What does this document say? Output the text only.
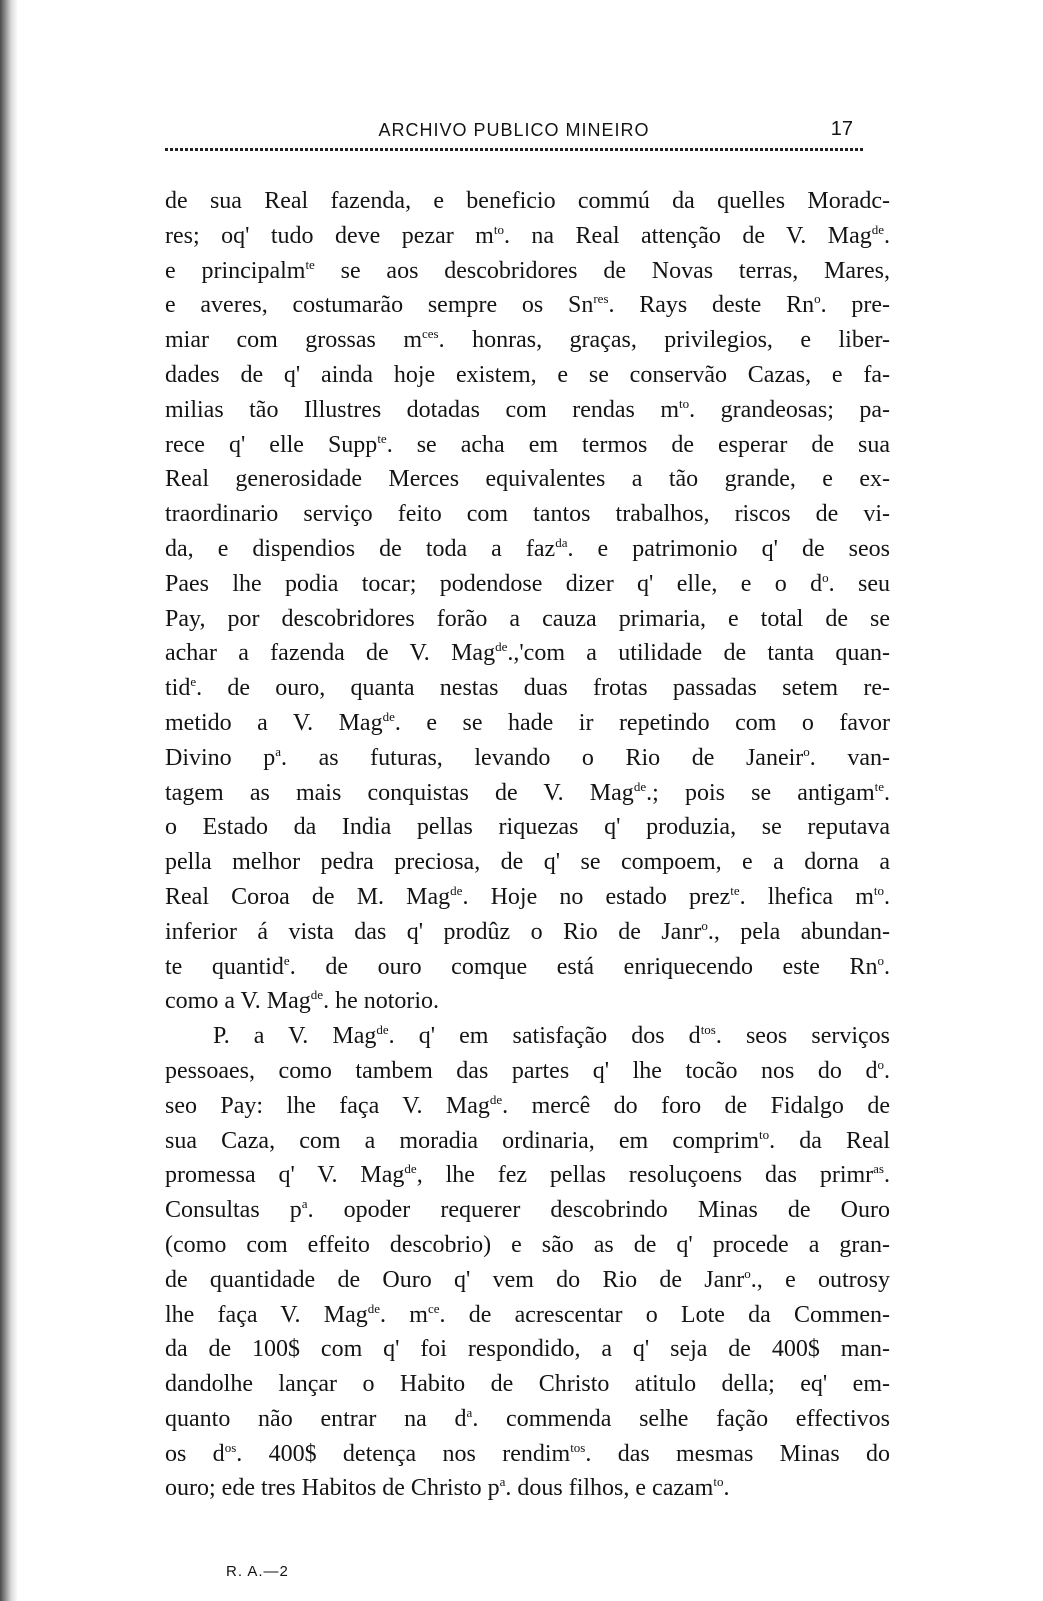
ARCHIVO PUBLICO MINEIRO	17
de sua Real fazenda, e beneficio commú da quelles Moradc-
res; oq' tudo deve pezar $m^{to}$. na Real attenção de V. Mag$^{de}$.
e principalm$^{te}$ se aos descobridores de Novas terras, Mares,
e averes, costumarão sempre os $Sn^{res}$. Rays deste Rn$^o$. pre-
miar com grossas $m^{ces}$. honras, graças, privilegios, e liber-
dades de q' ainda hoje existem, e se conservão Cazas, e fa-
milias tão Illustres dotadas com rendas $m^{to}$. grandeosas; pa-
rece q' elle Supp$^{te}$. se acha em termos de esperar de sua
Real generosidade Merces equivalentes a tão grande, e ex-
traordinario serviço feito com tantos trabalhos, riscos de vi-
da, e dispendios de toda a faz$^{da}$. e patrimonio q' de seos
Paes lhe podia tocar; podendose dizer q' elle, e o $d^o$. seu
Pay, por descobridores forão a cauza primaria, e total de se
achar a fazenda de V. Mag$^{de}$.,'com a utilidade de tanta quan-
tid$^e$. de ouro, quanta nestas duas frotas passadas setem re-
metido a V. Mag$^{de}$. e se hade ir repetindo com o favor
Divino $p^a$. as futuras, levando o Rio de Janeir$^o$. van-
tagem as mais conquistas de V. Mag$^{de}$.; pois se antigam$^{te}$.
o Estado da India pellas riquezas q' produzia, se reputava
pella melhor pedra preciosa, de q' se compoem, e a dorna a
Real Coroa de M. Mag$^{de}$. Hoje no estado prez$^{te}$. lhefica $m^{to}$.
inferior á vista das q' prodûz o Rio de Janr$^o$., pela abundan-
te quantid$^e$. de ouro comque está enriquecendo este Rn$^o$.
como a V. Mag$^{de}$. he notorio.
P. a V. Mag$^{de}$. q' em satisfação dos $d^{tos}$. seos serviços
pessoaes, como tambem das partes q' lhe tocão nos do $d^o$.
seo Pay: lhe faça V. Mag$^{de}$. mercê do foro de Fidalgo de
sua Caza, com a moradia ordinaria, em comprim$^{to}$. da Real
promessa q' V. Mag$^{de}$, lhe fez pellas resoluçoens das primr$^{as}$.
Consultas $p^a$. opoder requerer descobrindo Minas de Ouro
(como com effeito descobrio) e são as de q' procede a gran-
de quantidade de Ouro q' vem do Rio de Janr$^o$., e outrosy
lhe faça V. Mag$^{de}$. $m^{ce}$. de acrescentar o Lote da Commen-
da de 100$ com q' foi respondido, a q' seja de 400$ man-
dandolhe lançar o Habito de Christo atitulo della; eq' em-
quanto não entrar na $d^a$. commenda selhe fação effectivos
os $d^{os}$. 400$ detença nos rendim$^{tos}$. das mesmas Minas do
ouro; ede tres Habitos de Christo $p^a$. dous filhos, e cazam$^{to}$.
R. A.—2
